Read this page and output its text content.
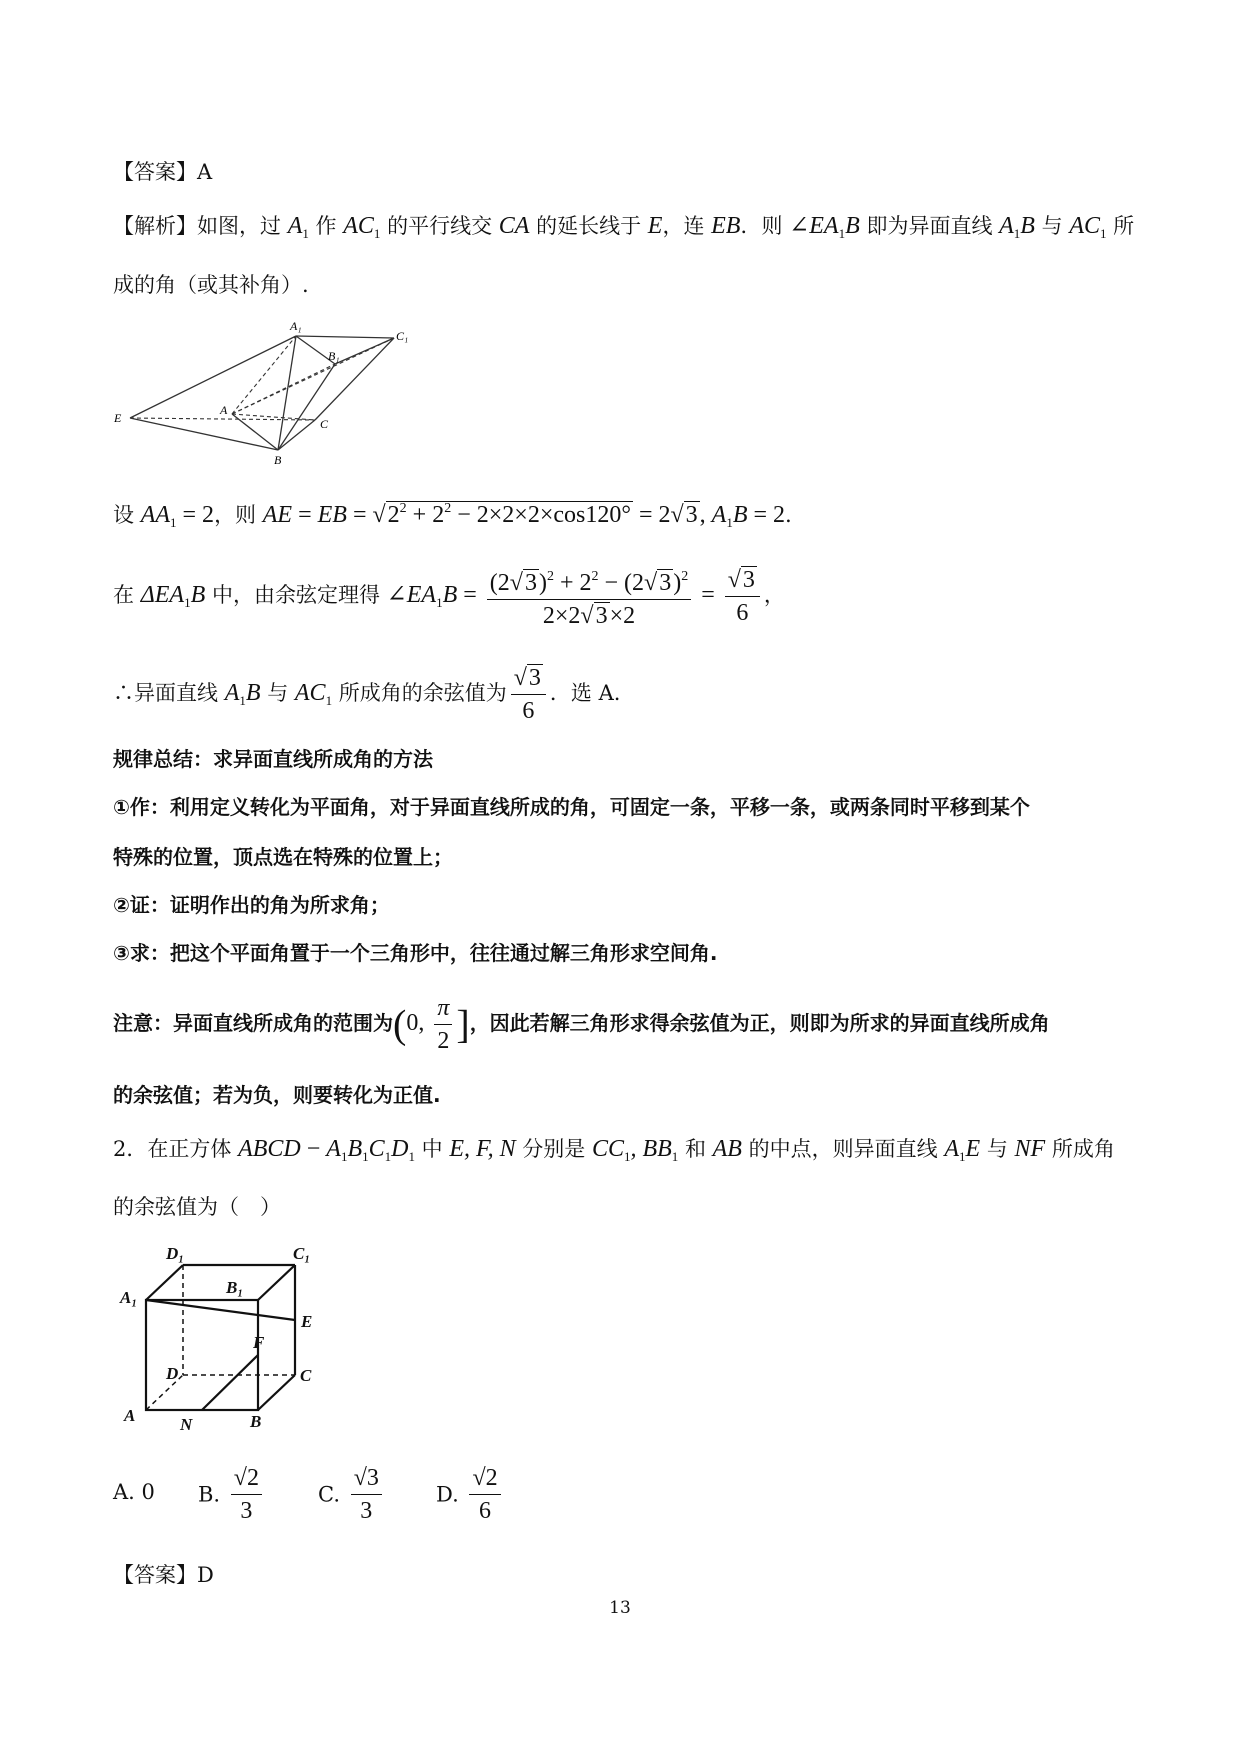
【答案】A
【解析】如图，过 $A_1$ 作 $AC_1$ 的平行线交 CA 的延长线于 E，连 EB．则 $\angle EA_1B$ 即为异面直线 $A_1B$ 与 $AC_1$ 所
成的角（或其补角）.
A₁
B₁
C₁
E
A
C
B
设 $AA_1 = 2$，则 AE = EB = $√2^2 + 2^2 - 2\times 2\times 2\times\cos 120^\circ = 2√3$, $A_1B = 2$．
在 $\Delta EA_1B$ 中，由余弦定理得 $\angle EA_1B = \frac{(2√3)^2 + 2^2 - (2√3)^2}{2\times 2√3\times 2} = \frac{√3}{6}$ ，
∴异面直线 $A_1B$ 与 $AC_1$ 所成角的余弦值为 $\frac{√3}{6}$ ．选 A.
规律总结：求异面直线所成角的方法
①作：利用定义转化为平面角，对于异面直线所成的角，可固定一条，平移一条，或两条同时平移到某个
特殊的位置，顶点选在特殊的位置上；
②证：证明作出的角为所求角；
③求：把这个平面角置于一个三角形中，往往通过解三角形求空间角.
注意：异面直线所成角的范围为(0, $\frac{\pi}{2}$ ]，因此若解三角形求得余弦值为正，则即为所求的异面直线所成角
的余弦值；若为负，则要转化为正值.
2．在正方体 ABCD − $A_1B_1C_1D_1$ 中 E, F, N 分别是 $CC_1$, $BB_1$ 和 AB 的中点，则异面直线 $A_1E$ 与 NF 所成角
的余弦值为（　）
D₁	C₁
A₁
B₁
E
F
D	C
A	N	B
A. 0 B. $\frac{√2}{3}$	C. $\frac{√3}{3}$	D. $\frac{√2}{6}$
【答案】D
13
